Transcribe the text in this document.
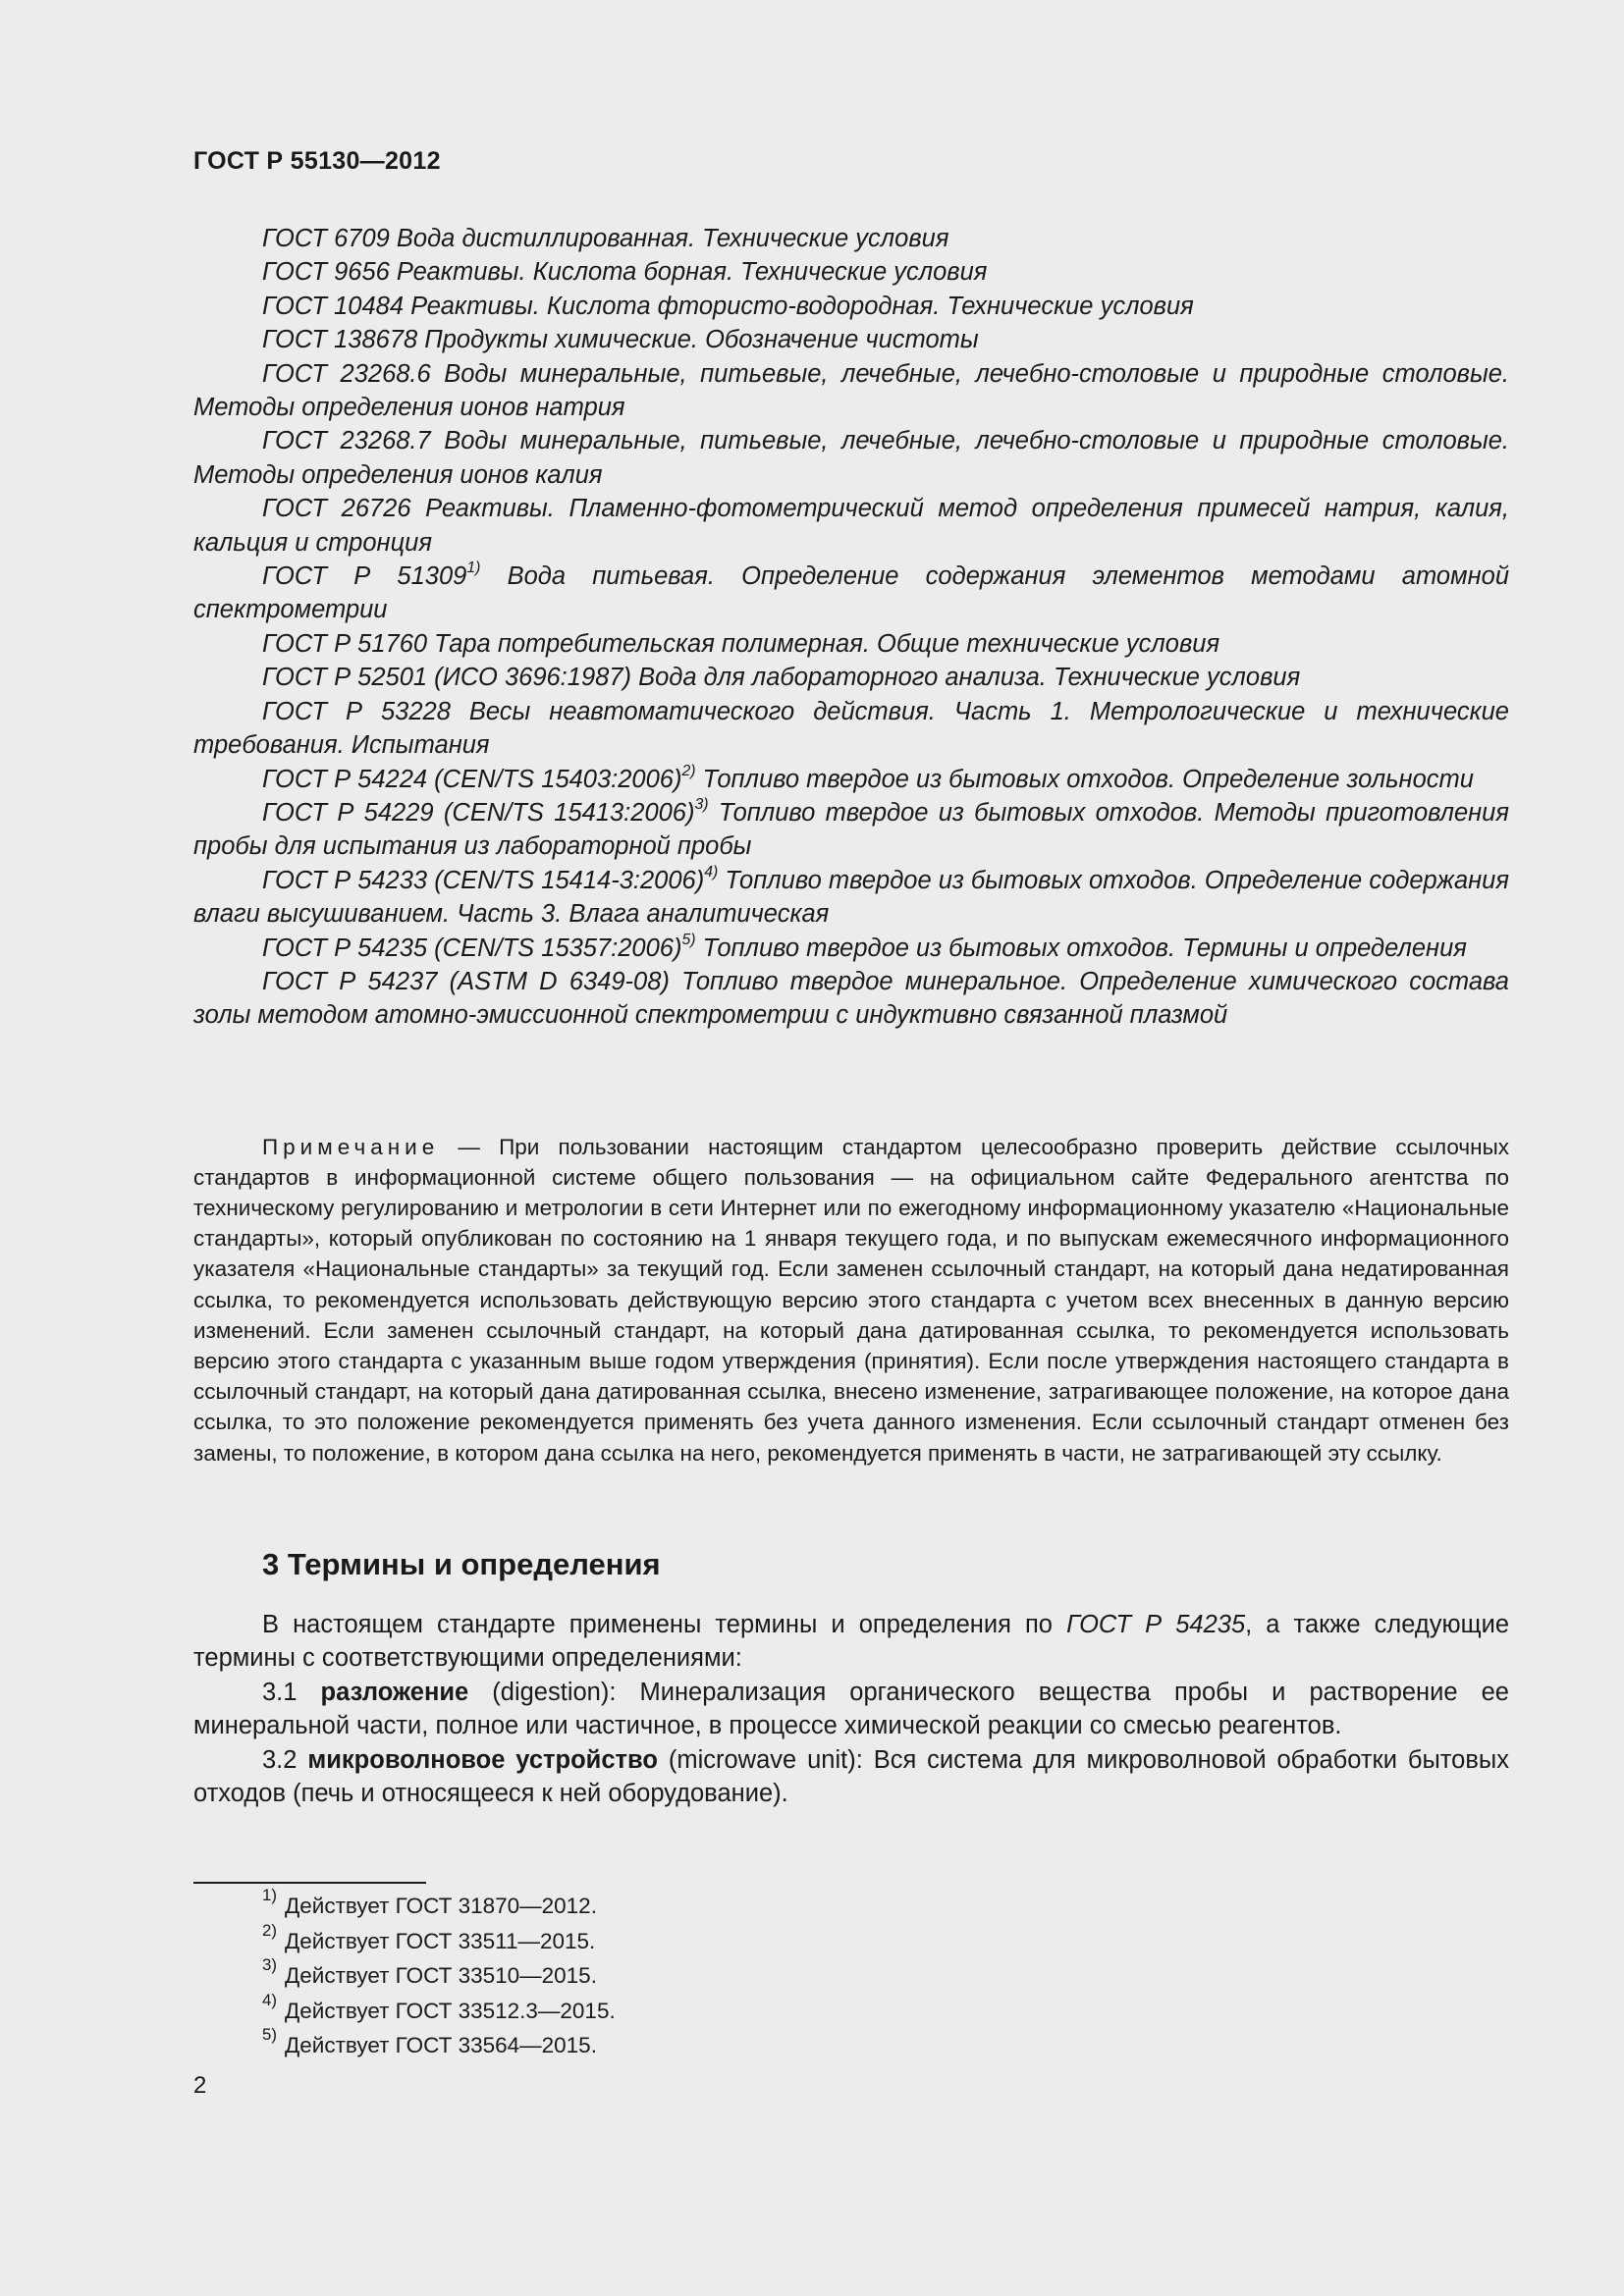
ГОСТ Р 55130—2012

ГОСТ 6709 Вода дистиллированная. Технические условия

ГОСТ 9656 Реактивы. Кислота борная. Технические условия

ГОСТ 10484 Реактивы. Кислота фтористо-водородная. Технические условия

ГОСТ 138678 Продукты химические. Обозначение чистоты

ГОСТ 23268.6 Воды минеральные, питьевые, лечебные, лечебно-столовые и природные столовые. Методы определения ионов натрия

ГОСТ 23268.7 Воды минеральные, питьевые, лечебные, лечебно-столовые и природные столовые. Методы определения ионов калия

ГОСТ 26726 Реактивы. Пламенно-фотометрический метод определения примесей натрия, калия, кальция и стронция

ГОСТ Р 51309$^{1)}$ Вода питьевая. Определение содержания элементов методами атомной спектрометрии

ГОСТ Р 51760 Тара потребительская полимерная. Общие технические условия

ГОСТ Р 52501 (ИСО 3696:1987) Вода для лабораторного анализа. Технические условия

ГОСТ Р 53228 Весы неавтоматического действия. Часть 1. Метрологические и технические требования. Испытания

ГОСТ Р 54224 (CEN/TS 15403:2006)$^{2)}$ Топливо твердое из бытовых отходов. Определение зольности

ГОСТ Р 54229 (CEN/TS 15413:2006)$^{3)}$ Топливо твердое из бытовых отходов. Методы приготовления пробы для испытания из лабораторной пробы

ГОСТ Р 54233 (CEN/TS 15414-3:2006)$^{4)}$ Топливо твердое из бытовых отходов. Определение содержания влаги высушиванием. Часть 3. Влага аналитическая

ГОСТ Р 54235 (CEN/TS 15357:2006)$^{5)}$ Топливо твердое из бытовых отходов. Термины и определения

ГОСТ Р 54237 (ASTM D 6349-08) Топливо твердое минеральное. Определение химического состава золы методом атомно-эмиссионной спектрометрии с индуктивно связанной плазмой

Примечание — При пользовании настоящим стандартом целесообразно проверить действие ссылочных стандартов в информационной системе общего пользования — на официальном сайте Федерального агентства по техническому регулированию и метрологии в сети Интернет или по ежегодному информационному указателю «Национальные стандарты», который опубликован по состоянию на 1 января текущего года, и по выпускам ежемесячного информационного указателя «Национальные стандарты» за текущий год. Если заменен ссылочный стандарт, на который дана недатированная ссылка, то рекомендуется использовать действующую версию этого стандарта с учетом всех внесенных в данную версию изменений. Если заменен ссылочный стандарт, на который дана датированная ссылка, то рекомендуется использовать версию этого стандарта с указанным выше годом утверждения (принятия). Если после утверждения настоящего стандарта в ссылочный стандарт, на который дана датированная ссылка, внесено изменение, затрагивающее положение, на которое дана ссылка, то это положение рекомендуется применять без учета данного изменения. Если ссылочный стандарт отменен без замены, то положение, в котором дана ссылка на него, рекомендуется применять в части, не затрагивающей эту ссылку.

3 Термины и определения

В настоящем стандарте применены термины и определения по ГОСТ Р 54235, а также следующие термины с соответствующими определениями:

3.1 разложение (digestion): Минерализация органического вещества пробы и растворение ее минеральной части, полное или частичное, в процессе химической реакции со смесью реагентов.

3.2 микроволновое устройство (microwave unit): Вся система для микроволновой обработки бытовых отходов (печь и относящееся к ней оборудование).

$^{1)}$ Действует ГОСТ 31870—2012.
$^{2)}$ Действует ГОСТ 33511—2015.
$^{3)}$ Действует ГОСТ 33510—2015.
$^{4)}$ Действует ГОСТ 33512.3—2015.
$^{5)}$ Действует ГОСТ 33564—2015.
2
